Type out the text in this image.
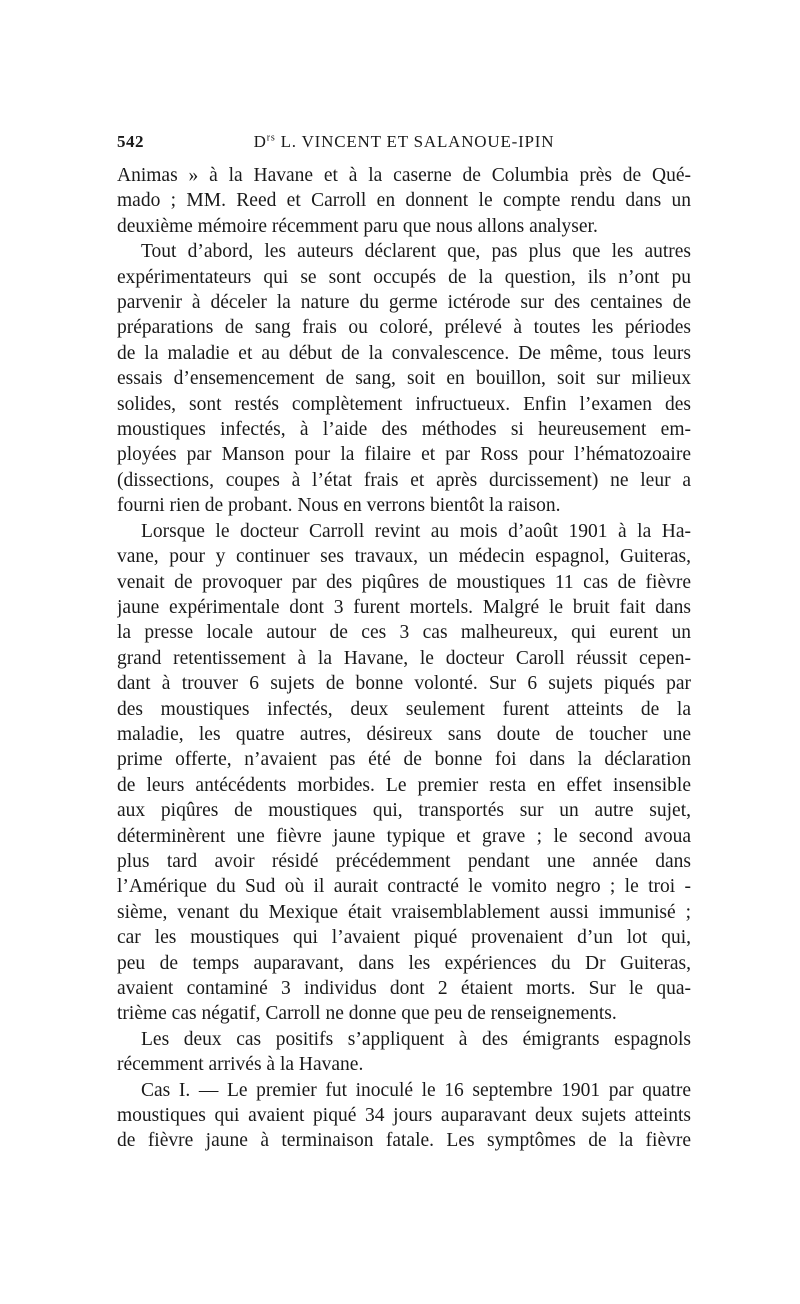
542	$D^{rs}$ L. VINCENT ET SALANOUE-IPIN
Animas » à la Havane et à la caserne de Columbia près de Qué-
mado ; MM. Reed et Carroll en donnent le compte rendu dans un
deuxième mémoire récemment paru que nous allons analyser.
Tout d’abord, les auteurs déclarent que, pas plus que les autres
expérimentateurs qui se sont occupés de la question, ils n’ont pu
parvenir à déceler la nature du germe ictérode sur des centaines de
préparations de sang frais ou coloré, prélevé à toutes les périodes
de la maladie et au début de la convalescence. De même, tous leurs
essais d’ensemencement de sang, soit en bouillon, soit sur milieux
solides, sont restés complètement infructueux. Enfin l’examen des
moustiques infectés, à l’aide des méthodes si heureusement em-
ployées par Manson pour la filaire et par Ross pour l’hématozoaire
(dissections, coupes à l’état frais et après durcissement) ne leur a
fourni rien de probant. Nous en verrons bientôt la raison.
Lorsque le docteur Carroll revint au mois d’août 1901 à la Ha-
vane, pour y continuer ses travaux, un médecin espagnol, Guiteras,
venait de provoquer par des piqûres de moustiques 11 cas de fièvre
jaune expérimentale dont 3 furent mortels. Malgré le bruit fait dans
la presse locale autour de ces 3 cas malheureux, qui eurent un
grand retentissement à la Havane, le docteur Caroll réussit cepen-
dant à trouver 6 sujets de bonne volonté. Sur 6 sujets piqués par
des moustiques infectés, deux seulement furent atteints de la
maladie, les quatre autres, désireux sans doute de toucher une
prime offerte, n’avaient pas été de bonne foi dans la déclaration
de leurs antécédents morbides. Le premier resta en effet insensible
aux piqûres de moustiques qui, transportés sur un autre sujet,
déterminèrent une fièvre jaune typique et grave ; le second avoua
plus tard avoir résidé précédemment pendant une année dans
l’Amérique du Sud où il aurait contracté le vomito negro ; le troi -
sième, venant du Mexique était vraisemblablement aussi immunisé ;
car les moustiques qui l’avaient piqué provenaient d’un lot qui,
peu de temps auparavant, dans les expériences du Dr Guiteras,
avaient contaminé 3 individus dont 2 étaient morts. Sur le qua-
trième cas négatif, Carroll ne donne que peu de renseignements.
Les deux cas positifs s’appliquent à des émigrants espagnols
récemment arrivés à la Havane.
Cas I. — Le premier fut inoculé le 16 septembre 1901 par quatre
moustiques qui avaient piqué 34 jours auparavant deux sujets atteints
de fièvre jaune à terminaison fatale. Les symptômes de la fièvre
